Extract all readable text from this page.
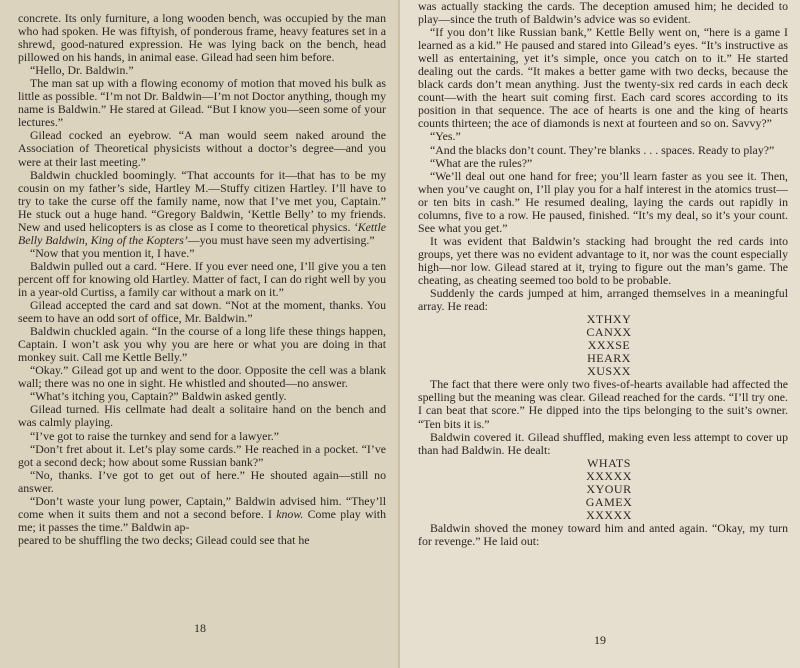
concrete. Its only furniture, a long wooden bench, was occupied by the man who had spoken. He was fiftyish, of ponderous frame, heavy features set in a shrewd, good-natured expression. He was lying back on the bench, head pillowed on his hands, in animal ease. Gilead had seen him before.

“Hello, Dr. Baldwin.”

The man sat up with a flowing economy of motion that moved his bulk as little as possible. “I’m not Dr. Baldwin—I’m not Doctor anything, though my name is Baldwin.” He stared at Gilead. “But I know you—seen some of your lectures.”

Gilead cocked an eyebrow. “A man would seem naked around the Association of Theoretical physicists without a doctor’s degree—and you were at their last meeting.”

Baldwin chuckled boomingly. “That accounts for it—that has to be my cousin on my father’s side, Hartley M.—Stuffy citizen Hartley. I’ll have to try to take the curse off the family name, now that I’ve met you, Captain.” He stuck out a huge hand. “Gregory Baldwin, ‘Kettle Belly’ to my friends. New and used helicopters is as close as I come to theoretical physics. ‘Kettle Belly Baldwin, King of the Kopters’—you must have seen my advertising.”

“Now that you mention it, I have.”

Baldwin pulled out a card. “Here. If you ever need one, I’ll give you a ten percent off for knowing old Hartley. Matter of fact, I can do right well by you in a year-old Curtiss, a family car without a mark on it.”

Gilead accepted the card and sat down. “Not at the moment, thanks. You seem to have an odd sort of office, Mr. Baldwin.”

Baldwin chuckled again. “In the course of a long life these things happen, Captain. I won’t ask you why you are here or what you are doing in that monkey suit. Call me Kettle Belly.”

“Okay.” Gilead got up and went to the door. Opposite the cell was a blank wall; there was no one in sight. He whistled and shouted—no answer.

“What’s itching you, Captain?” Baldwin asked gently.

Gilead turned. His cellmate had dealt a solitaire hand on the bench and was calmly playing.

“I’ve got to raise the turnkey and send for a lawyer.”

“Don’t fret about it. Let’s play some cards.” He reached in a pocket. “I’ve got a second deck; how about some Russian bank?”

“No, thanks. I’ve got to get out of here.” He shouted again—still no answer.

“Don’t waste your lung power, Captain,” Baldwin advised him. “They’ll come when it suits them and not a second before. I know. Come play with me; it passes the time.” Baldwin ap-

peared to be shuffling the two decks; Gilead could see that he

18

was actually stacking the cards. The deception amused him; he decided to play—since the truth of Baldwin’s advice was so evident.

“If you don’t like Russian bank,” Kettle Belly went on, “here is a game I learned as a kid.” He paused and stared into Gilead’s eyes. “It’s instructive as well as entertaining, yet it’s simple, once you catch on to it.” He started dealing out the cards. “It makes a better game with two decks, because the black cards don’t mean anything. Just the twenty-six red cards in each deck count—with the heart suit coming first. Each card scores according to its position in that sequence. The ace of hearts is one and the king of hearts counts thirteen; the ace of diamonds is next at fourteen and so on. Savvy?”

“Yes.”

“And the blacks don’t count. They’re blanks . . . spaces. Ready to play?”

“What are the rules?”

“We’ll deal out one hand for free; you’ll learn faster as you see it. Then, when you’ve caught on, I’ll play you for a half interest in the atomics trust—or ten bits in cash.” He resumed dealing, laying the cards out rapidly in columns, five to a row. He paused, finished. “It’s my deal, so it’s your count. See what you get.”

It was evident that Baldwin’s stacking had brought the red cards into groups, yet there was no evident advantage to it, nor was the count especially high—nor low. Gilead stared at it, trying to figure out the man’s game. The cheating, as cheating seemed too bold to be probable.

Suddenly the cards jumped at him, arranged themselves in a meaningful array. He read:

XTHXY

CANXX

XXXSE

HEARX

XUSXX

The fact that there were only two fives-of-hearts available had affected the spelling but the meaning was clear. Gilead reached for the cards. “I’ll try one. I can beat that score.” He dipped into the tips belonging to the suit’s owner. “Ten bits it is.”

Baldwin covered it. Gilead shuffled, making even less attempt to cover up than had Baldwin. He dealt:

WHATS

XXXXX

XYOUR

GAMEX

XXXXX

Baldwin shoved the money toward him and anted again. “Okay, my turn for revenge.” He laid out:

19
